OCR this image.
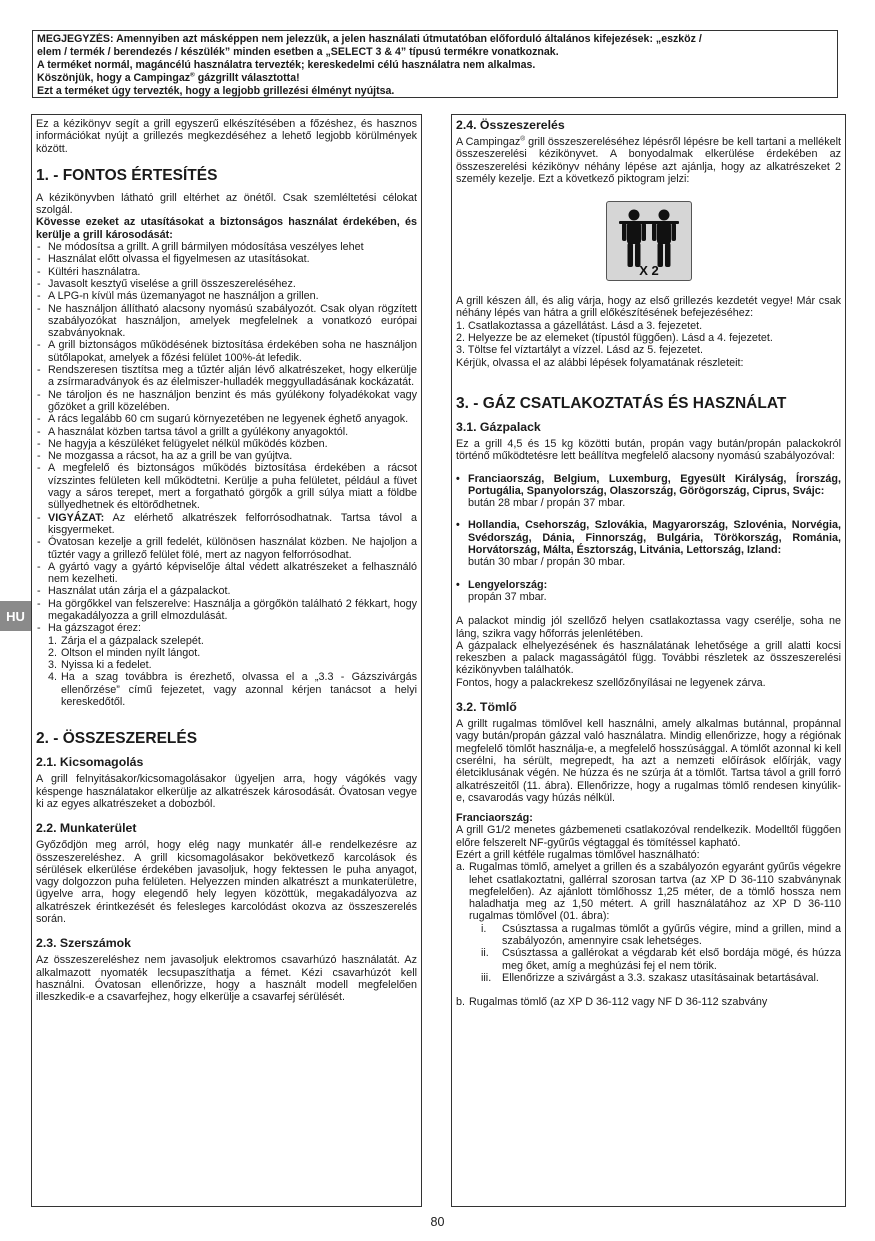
MEGJEGYZÉS: Amennyiben azt másképpen nem jelezzük, a jelen használati útmutatóban előforduló általános kifejezések: „eszköz /
elem / termék / berendezés / készülék” minden esetben a „SELECT 3 & 4” típusú termékre vonatkoznak.
A terméket normál, magáncélú használatra tervezték; kereskedelmi célú használatra nem alkalmas.
Köszönjük, hogy a Campingaz® gázgrillt választotta!
Ezt a terméket úgy tervezték, hogy a legjobb grillezési élményt nyújtsa.
HU

Ez a kézikönyv segít a grill egyszerű elkészítésében a főzéshez, és hasznos információkat nyújt a grillezés megkezdéséhez a lehető legjobb körülmények között.

1. - FONTOS ÉRTESÍTÉS

A kézikönyvben látható grill eltérhet az önétől. Csak szemléltetési célokat szolgál.

Kövesse ezeket az utasításokat a biztonságos használat érdekében, és kerülje a grill károsodását:

- Ne módosítsa a grillt. A grill bármilyen módosítása veszélyes lehet
- Használat előtt olvassa el figyelmesen az utasításokat.
- Kültéri használatra.
- Javasolt kesztyű viselése a grill összeszereléséhez.
- A LPG-n kívül más üzemanyagot ne használjon a grillen.
- Ne használjon állítható alacsony nyomású szabályozót. Csak olyan rögzített szabályozókat használjon, amelyek megfelelnek a vonatkozó európai szabványoknak.
- A grill biztonságos működésének biztosítása érdekében soha ne használjon sütőlapokat, amelyek a főzési felület 100%-át lefedik.
- Rendszeresen tisztítsa meg a tűztér alján lévő alkatrészeket, hogy elkerülje a zsírmaradványok és az élelmiszer-hulladék meggyulladásának kockázatát.
- Ne tároljon és ne használjon benzint és más gyúlékony folyadékokat vagy gőzöket a grill közelében.
- A rács legalább 60 cm sugarú környezetében ne legyenek éghető anyagok.
- A használat közben tartsa távol a grillt a gyúlékony anyagoktól.
- Ne hagyja a készüléket felügyelet nélkül működés közben.
- Ne mozgassa a rácsot, ha az a grill be van gyújtva.
- A megfelelő és biztonságos működés biztosítása érdekében a rácsot vízszintes felületen kell működtetni. Kerülje a puha felületet, például a füvet vagy a sáros terepet, mert a forgatható görgők a grill súlya miatt a földbe süllyedhetnek és eltörődhetnek.
- VIGYÁZAT: Az elérhető alkatrészek felforrósodhatnak. Tartsa távol a kisgyermeket.
- Óvatosan kezelje a grill fedelét, különösen használat közben. Ne hajoljon a tűztér vagy a grillező felület fölé, mert az nagyon felforrósodhat.
- A gyártó vagy a gyártó képviselője által védett alkatrészeket a felhasználó nem kezelheti.
- Használat után zárja el a gázpalackot.
- Ha görgőkkel van felszerelve: Használja a görgőkön található 2 fékkart, hogy megakadályozza a grill elmozdulását.
- Ha gázszagot érez:
1. Zárja el a gázpalack szelepét.
2. Oltson el minden nyílt lángot.
3. Nyissa ki a fedelet.
4. Ha a szag továbbra is érezhető, olvassa el a „3.3 - Gázszivárgás ellenőrzése” című fejezetet, vagy azonnal kérjen tanácsot a helyi kereskedőtől.
2. - ÖSSZESZERELÉS
2.1. Kicsomagolás

A grill felnyitásakor/kicsomagolásakor ügyeljen arra, hogy vágókés vagy késpenge használatakor elkerülje az alkatrészek károsodását. Óvatosan vegye ki az egyes alkatrészeket a dobozból.

2.2. Munkaterület

Győződjön meg arról, hogy elég nagy munkatér áll-e rendelkezésre az összeszereléshez. A grill kicsomagolásakor bekövetkező karcolások és sérülések elkerülése érdekében javasoljuk, hogy fektessen le puha anyagot, vagy dolgozzon puha felületen. Helyezzen minden alkatrészt a munkaterületre, ügyelve arra, hogy elegendő hely legyen közöttük, megakadályozva az alkatrészek érintkezését és felesleges karcolódást okozva az összeszerelés során.

2.3. Szerszámok

Az összeszereléshez nem javasoljuk elektromos csavarhúzó használatát. Az alkalmazott nyomaték lecsupaszíthatja a fémet. Kézi csavarhúzót kell használni. Óvatosan ellenőrizze, hogy a használt modell megfelelően illeszkedik-e a csavarfejhez, hogy elkerülje a csavarfej sérülését.

2.4. Összeszerelés

A Campingaz® grill összeszereléséhez lépésről lépésre be kell tartani a mellékelt összeszerelési kézikönyvet. A bonyodalmak elkerülése érdekében az összeszerelési kézikönyv néhány lépése azt ajánlja, hogy az alkatrészeket 2 személy kezelje. Ezt a következő piktogram jelzi:

X 2

A grill készen áll, és alig várja, hogy az első grillezés kezdetét vegye! Már csak néhány lépés van hátra a grill előkészítésének befejezéséhez:

1. Csatlakoztassa a gázellátást. Lásd a 3. fejezetet.

2. Helyezze be az elemeket (típustól függően). Lásd a 4. fejezetet.

3. Töltse fel víztartályt a vízzel. Lásd az 5. fejezetet.

Kérjük, olvassa el az alábbi lépések folyamatának részleteit:

3. - GÁZ CSATLAKOZTATÁS ÉS HASZNÁLAT
3.1. Gázpalack

Ez a grill 4,5 és 15 kg közötti bután, propán vagy bután/propán palackokról történő működtetésre lett beállítva megfelelő alacsony nyomású szabályozóval:

• Franciaország, Belgium, Luxemburg, Egyesült Királyság, Írország, Portugália, Spanyolország, Olaszország, Görögország, Ciprus, Svájc:

bután 28 mbar / propán 37 mbar.

• Hollandia, Csehország, Szlovákia, Magyarország, Szlovénia, Norvégia, Svédország, Dánia, Finnország, Bulgária, Törökország, Románia, Horvátország, Málta, Észtország, Litvánia, Lettország, Izland:

bután 30 mbar / propán 30 mbar.

• Lengyelország:

propán 37 mbar.

A palackot mindig jól szellőző helyen csatlakoztassa vagy cserélje, soha ne láng, szikra vagy hőforrás jelenlétében.

A gázpalack elhelyezésének és használatának lehetősége a grill alatti kocsi rekeszben a palack magasságától függ. További részletek az összeszerelési kézikönyvben találhatók.

Fontos, hogy a palackrekesz szellőzőnyílásai ne legyenek zárva.

3.2. Tömlő

A grillt rugalmas tömlővel kell használni, amely alkalmas butánnal, propánnal vagy bután/propán gázzal való használatra. Mindig ellenőrizze, hogy a régiónak megfelelő tömlőt használja-e, a megfelelő hosszúsággal. A tömlőt azonnal ki kell cserélni, ha sérült, megrepedt, ha azt a nemzeti előírások előírják, vagy életciklusának végén. Ne húzza és ne szúrja át a tömlőt. Tartsa távol a grill forró alkatrészeitől (11. ábra). Ellenőrizze, hogy a rugalmas tömlő rendesen kinyúlik-e, csavarodás vagy húzás nélkül.

Franciaország:

A grill G1/2 menetes gázbemeneti csatlakozóval rendelkezik. Modelltől függően előre felszerelt NF-gyűrűs végtaggal és tömítéssel kapható.

Ezért a grill kétféle rugalmas tömlővel használható:

a. Rugalmas tömlő, amelyet a grillen és a szabályozón egyaránt gyűrűs végekre lehet csatlakoztatni, gallérral szorosan tartva (az XP D 36-110 szabványnak megfelelően). Az ajánlott tömlőhossz 1,25 méter, de a tömlő hossza nem haladhatja meg az 1,50 métert. A grill használatához az XP D 36-110 rugalmas tömlővel (01. ábra):
i. Csúsztassa a rugalmas tömlőt a gyűrűs végire, mind a grillen, mind a szabályozón, amennyire csak lehetséges.
ii. Csúsztassa a gallérokat a végdarab két első bordája mögé, és húzza meg őket, amíg a meghúzási fej el nem törik.
iii. Ellenőrizze a szivárgást a 3.3. szakasz utasításainak betartásával.
b. Rugalmas tömlő (az XP D 36-112 vagy NF D 36-112 szabvány
80
